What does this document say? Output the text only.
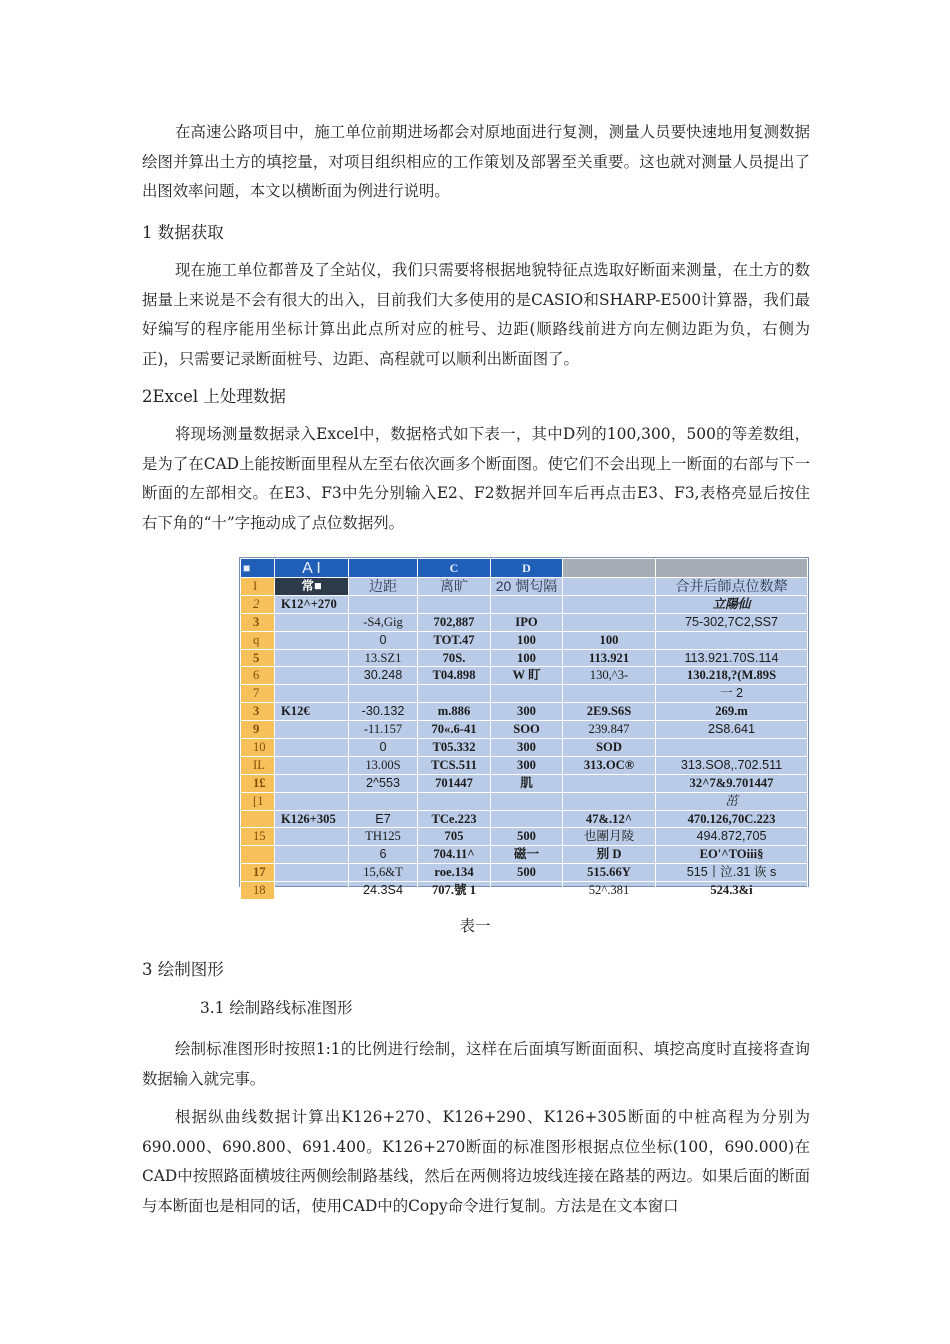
在高速公路项目中，施工单位前期进场都会对原地面进行复测，测量人员要快速地用复测数据绘图并算出土方的填挖量，对项目组织相应的工作策划及部署至关重要。这也就对测量人员提出了出图效率问题，本文以横断面为例进行说明。

1 数据获取

现在施工单位都普及了全站仪，我们只需要将根据地貌特征点选取好断面来测量，在土方的数据量上来说是不会有很大的出入，目前我们大多使用的是CASIO和SHARP-E500计算器，我们最好编写的程序能用坐标计算出此点所对应的桩号、边距(顺路线前进方向左侧边距为负，右侧为正)，只需要记录断面桩号、边距、高程就可以顺利出断面图了。

2Excel 上处理数据

将现场测量数据录入Excel中，数据格式如下表一，其中D列的100,300，500的等差数组，是为了在CAD上能按断面里程从左至右依次画多个断面图。使它们不会出现上一断面的右部与下一断面的左部相交。在E3、F3中先分别输入E2、F2数据并回车后再点击E3、F3,表格亮显后按住右下角的“十”字拖动成了点位数据列。

■	A I		C	D		
I	常■	边距	离旷	20 惆匂隔		合并后師点位数犛
2	K12^+270					立陽仙
3		-S4,Gig	702,887	IPO		75-302,7C2,SS7
q		0	TOT.47	100	100	
5		13.SZ1	70S.	100	113.921	113.921.70S.114
6		30.248	T04.898	W 盯	130,^3-	130.218,?(M.89S
7						一 2
3	K12€	-30.132	m.886	300	2E9.S6S	269.m
9		-11.157	70«.6-41	SOO	239.847	2S8.641
10		0	T05.332	300	SOD	
IL		13.00S	TCS.511	300	313.OC®	313.SO8,.702.511
1£		2^553	701447	肌		32^7&9.701447
[1						茁
	K126+305	E7	TCe.223		47&.12^	470.126,70C.223
15		TH125	705	500	也團月陵	494.872,705
		6	704.11^	磁一	别 D	EO'^TOiii§
17		15,6&T	roe.134	500	515.66Y	515丨泣.31 诙 s
18		24.3S4	707.號 1		52^.381	524.3&i
表一
3 绘制图形
3.1 绘制路线标准图形

绘制标准图形时按照1:1的比例进行绘制，这样在后面填写断面面积、填挖高度时直接将查询数据输入就完事。

根据纵曲线数据计算出K126+270、K126+290、K126+305断面的中桩高程为分别为690.000、690.800、691.400。K126+270断面的标准图形根据点位坐标(100，690.000)在CAD中按照路面横坡往两侧绘制路基线，然后在两侧将边坡线连接在路基的两边。如果后面的断面与本断面也是相同的话，使用CAD中的Copy命令进行复制。方法是在文本窗口
